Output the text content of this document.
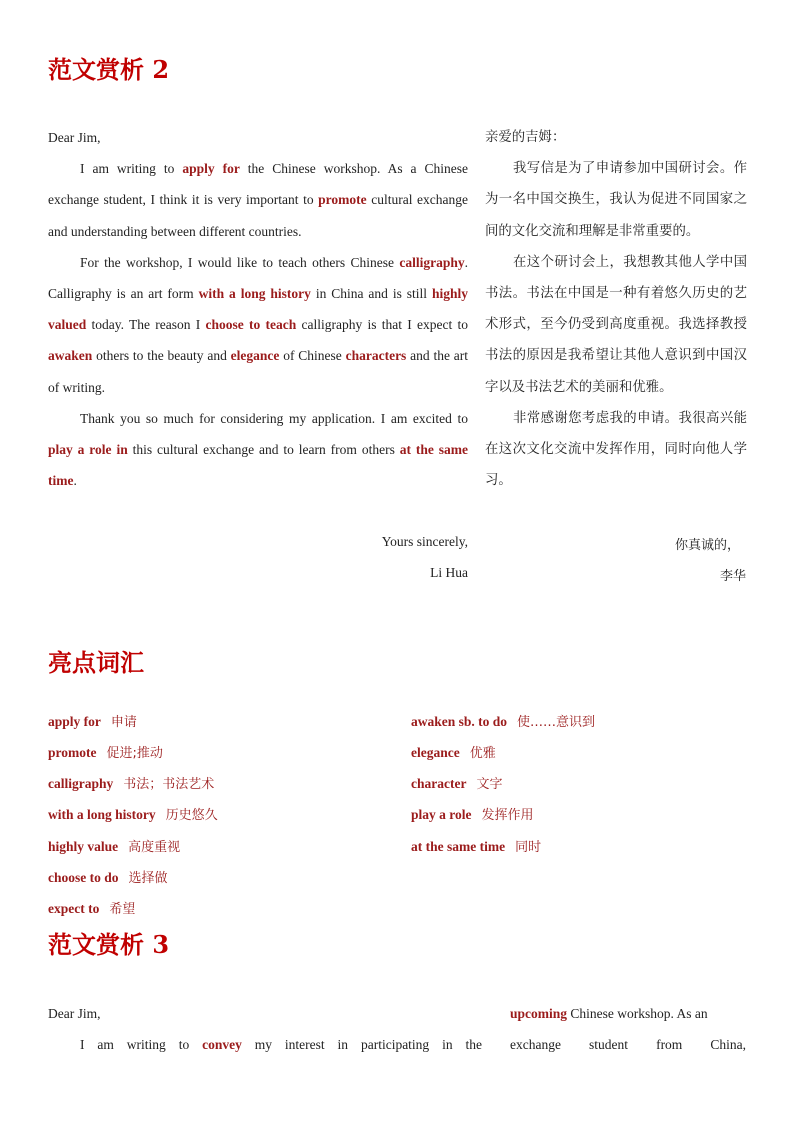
范文赏析 2

Dear Jim,

I am writing to apply for the Chinese workshop. As a Chinese exchange student, I think it is very important to promote cultural exchange and understanding between different countries.

For the workshop, I would like to teach others Chinese calligraphy. Calligraphy is an art form with a long history in China and is still highly valued today. The reason I choose to teach calligraphy is that I expect to awaken others to the beauty and elegance of Chinese characters and the art of writing.

Thank you so much for considering my application. I am excited to play a role in this cultural exchange and to learn from others at the same time.

Yours sincerely,
Li Hua

亲爱的吉姆：

我写信是为了申请参加中国研讨会。作为一名中国交换生，我认为促进不同国家之间的文化交流和理解是非常重要的。

在这个研讨会上，我想教其他人学中国书法。书法在中国是一种有着悠久历史的艺术形式，至今仍受到高度重视。我选择教授书法的原因是我希望让其他人意识到中国汉字以及书法艺术的美丽和优雅。

非常感谢您考虑我的申请。我很高兴能在这次文化交流中发挥作用，同时向他人学习。

你真诚的，
李华
亮点词汇
apply for 申请
promote 促进;推动
calligraphy 书法；书法艺术
with a long history 历史悠久
highly value 高度重视
choose to do 选择做
expect to 希望
awaken sb. to do 使……意识到
elegance 优雅
character 文字
play a role 发挥作用
at the same time 同时
范文赏析 3

Dear Jim,

I am writing to convey my interest in participating in the

upcoming Chinese workshop. As an

exchange student from China,
